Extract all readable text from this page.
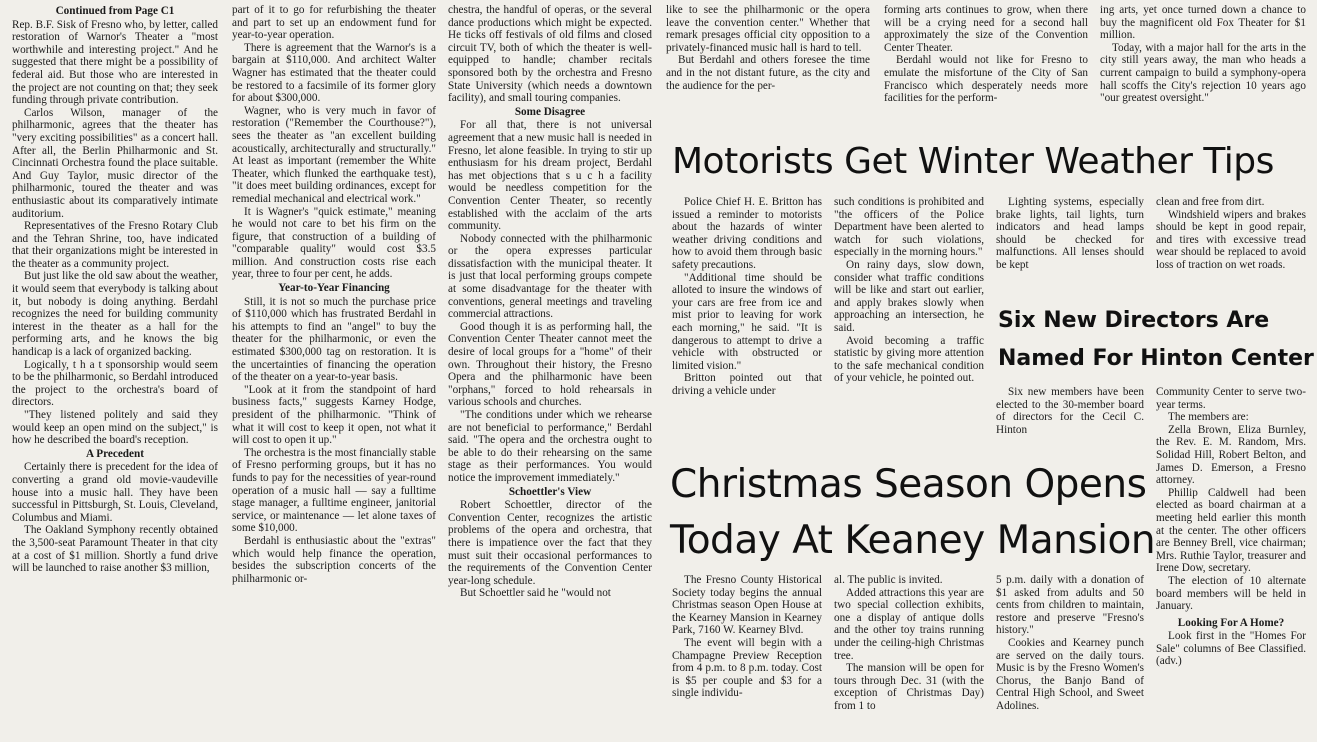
Continued from Page C1

Rep. B.F. Sisk of Fresno who, by letter, called restoration of Warnor's Theater a "most worthwhile and interesting project." And he suggested that there might be a possibility of federal aid. But those who are interested in the project are not counting on that; they seek funding through private contribution.

Carlos Wilson, manager of the philharmonic, agrees that the theater has "very exciting possibilities" as a concert hall. After all, the Berlin Philharmonic and St. Cincinnati Orchestra found the place suitable. And Guy Taylor, music director of the philharmonic, toured the theater and was enthusiastic about its comparatively intimate auditorium.

Representatives of the Fresno Rotary Club and the Tehran Shrine, too, have indicated that their organizations might be interested in the theater as a community project.

But just like the old saw about the weather, it would seem that everybody is talking about it, but nobody is doing anything. Berdahl recognizes the need for building community interest in the theater as a hall for the performing arts, and he knows the big handicap is a lack of organized backing.

Logically, t h a t sponsorship would seem to be the philharmonic, so Berdahl introduced the project to the orchestra's board of directors.

"They listened politely and said they would keep an open mind on the subject," is how he described the board's reception.

A Precedent

Certainly there is precedent for the idea of converting a grand old movie-vaudeville house into a music hall. They have been successful in Pittsburgh, St. Louis, Cleveland, Columbus and Miami.

The Oakland Symphony recently obtained the 3,500-seat Paramount Theater in that city at a cost of $1 million. Shortly a fund drive will be launched to raise another $3 million,

part of it to go for refurbishing the theater and part to set up an endowment fund for year-to-year operation.

There is agreement that the Warnor's is a bargain at $110,000. And architect Walter Wagner has estimated that the theater could be restored to a facsimile of its former glory for about $300,000.

Wagner, who is very much in favor of restoration ("Remember the Courthouse?"), sees the theater as "an excellent building acoustically, architecturally and structurally." At least as important (remember the White Theater, which flunked the earthquake test), "it does meet building ordinances, except for remedial mechanical and electrical work."

It is Wagner's "quick estimate," meaning he would not care to bet his firm on the figure, that construction of a building of "comparable quality" would cost $3.5 million. And construction costs rise each year, three to four per cent, he adds.

Year-to-Year Financing

Still, it is not so much the purchase price of $110,000 which has frustrated Berdahl in his attempts to find an "angel" to buy the theater for the philharmonic, or even the estimated $300,000 tag on restoration. It is the uncertainties of financing the operation of the theater on a year-to-year basis.

"Look at it from the standpoint of hard business facts," suggests Karney Hodge, president of the philharmonic. "Think of what it will cost to keep it open, not what it will cost to open it up."

The orchestra is the most financially stable of Fresno performing groups, but it has no funds to pay for the necessities of year-round operation of a music hall — say a fulltime stage manager, a fulltime engineer, janitorial service, or maintenance — let alone taxes of some $10,000.

Berdahl is enthusiastic about the "extras" which would help finance the operation, besides the subscription concerts of the philharmonic or-

chestra, the handful of operas, or the several dance productions which might be expected. He ticks off festivals of old films and closed circuit TV, both of which the theater is well-equipped to handle; chamber recitals sponsored both by the orchestra and Fresno State University (which needs a downtown facility), and small touring companies.

Some Disagree

For all that, there is not universal agreement that a new music hall is needed in Fresno, let alone feasible. In trying to stir up enthusiasm for his dream project, Berdahl has met objections that s u c h a facility would be needless competition for the Convention Center Theater, so recently established with the acclaim of the arts community.

Nobody connected with the philharmonic or the opera expresses particular dissatisfaction with the municipal theater. It is just that local performing groups compete at some disadvantage for the theater with conventions, general meetings and traveling commercial attractions.

Good though it is as performing hall, the Convention Center Theater cannot meet the desire of local groups for a "home" of their own. Throughout their history, the Fresno Opera and the philharmonic have been "orphans," forced to hold rehearsals in various schools and churches.

"The conditions under which we rehearse are not beneficial to performance," Berdahl said. "The opera and the orchestra ought to be able to do their rehearsing on the same stage as their performances. You would notice the improvement immediately."

Schoettler's View

Robert Schoettler, director of the Convention Center, recognizes the artistic problems of the opera and orchestra, that there is impatience over the fact that they must suit their occasional performances to the requirements of the Convention Center year-long schedule.

But Schoettler said he "would not

like to see the philharmonic or the opera leave the convention center." Whether that remark presages official city opposition to a privately-financed music hall is hard to tell.

But Berdahl and others foresee the time and in the not distant future, as the city and the audience for the per-

forming arts continues to grow, when there will be a crying need for a second hall approximately the size of the Convention Center Theater.

Berdahl would not like for Fresno to emulate the misfortune of the City of San Francisco which desperately needs more facilities for the perform-

ing arts, yet once turned down a chance to buy the magnificent old Fox Theater for $1 million.

Today, with a major hall for the arts in the city still years away, the man who heads a current campaign to build a symphony-opera hall scoffs the City's rejection 10 years ago "our greatest oversight."

Motorists Get Winter Weather Tips

Police Chief H. E. Britton has issued a reminder to motorists about the hazards of winter weather driving conditions and how to avoid them through basic safety precautions.

"Additional time should be alloted to insure the windows of your cars are free from ice and mist prior to leaving for work each morning," he said. "It is dangerous to attempt to drive a vehicle with obstructed or limited vision."

Britton pointed out that driving a vehicle under

such conditions is prohibited and "the officers of the Police Department have been alerted to watch for such violations, especially in the morning hours."

On rainy days, slow down, consider what traffic conditions will be like and start out earlier, and apply brakes slowly when approaching an intersection, he said.

Avoid becoming a traffic statistic by giving more attention to the safe mechanical condition of your vehicle, he pointed out.

Lighting systems, especially brake lights, tail lights, turn indicators and head lamps should be checked for malfunctions. All lenses should be kept

clean and free from dirt.

Windshield wipers and brakes should be kept in good repair, and tires with excessive tread wear should be replaced to avoid loss of traction on wet roads.

Six New Directors Are
Named For Hinton Center

Six new members have been elected to the 30-member board of directors for the Cecil C. Hinton

Community Center to serve two-year terms.

The members are:

Zella Brown, Eliza Burnley, the Rev. E. M. Random, Mrs. Solidad Hill, Robert Belton, and James D. Emerson, a Fresno attorney.

Phillip Caldwell had been elected as board chairman at a meeting held earlier this month at the center. The other officers are Benney Brell, vice chairman; Mrs. Ruthie Taylor, treasurer and Irene Dow, secretary.

The election of 10 alternate board members will be held in January.

Looking For A Home?

Look first in the "Homes For Sale" columns of Bee Classified. (adv.)

Christmas Season Opens
Today At Keaney Mansion

The Fresno County Historical Society today begins the annual Christmas season Open House at the Kearney Mansion in Kearney Park, 7160 W. Kearney Blvd.

The event will begin with a Champagne Preview Reception from 4 p.m. to 8 p.m. today. Cost is $5 per couple and $3 for a single individu-

al. The public is invited.

Added attractions this year are two special collection exhibits, one a display of antique dolls and the other toy trains running under the ceiling-high Christmas tree.

The mansion will be open for tours through Dec. 31 (with the exception of Christmas Day) from 1 to

5 p.m. daily with a donation of $1 asked from adults and 50 cents from children to maintain, restore and preserve "Fresno's history."

Cookies and Kearney punch are served on the daily tours. Music is by the Fresno Women's Chorus, the Banjo Band of Central High School, and Sweet Adolines.
